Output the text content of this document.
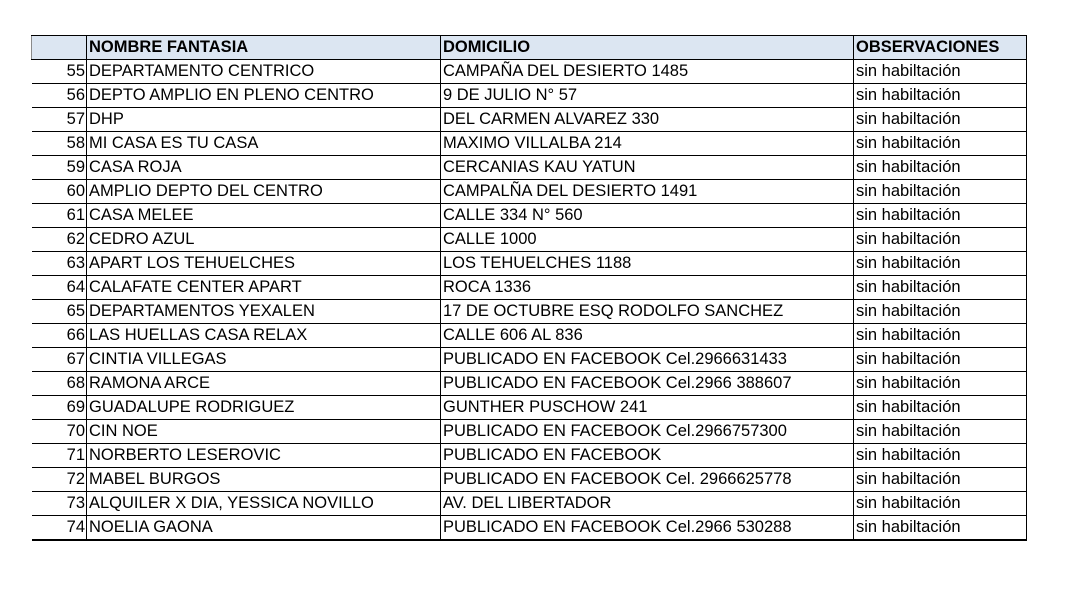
	NOMBRE FANTASIA	DOMICILIO	OBSERVACIONES
55	DEPARTAMENTO CENTRICO	CAMPAÑA DEL DESIERTO 1485	sin habiltación
56	DEPTO AMPLIO EN PLENO CENTRO	9 DE JULIO N° 57	sin habiltación
57	DHP	DEL CARMEN ALVAREZ 330	sin habiltación
58	MI CASA ES TU CASA	MAXIMO VILLALBA 214	sin habiltación
59	CASA ROJA	CERCANIAS KAU YATUN	sin habiltación
60	AMPLIO DEPTO DEL CENTRO	CAMPALÑA DEL DESIERTO 1491	sin habiltación
61	CASA MELEE	CALLE 334 N° 560	sin habiltación
62	CEDRO AZUL	CALLE 1000	sin habiltación
63	APART LOS TEHUELCHES	LOS TEHUELCHES 1188	sin habiltación
64	CALAFATE CENTER APART	ROCA 1336	sin habiltación
65	DEPARTAMENTOS YEXALEN	17 DE OCTUBRE ESQ RODOLFO SANCHEZ	sin habiltación
66	LAS HUELLAS CASA RELAX	CALLE 606 AL 836	sin habiltación
67	CINTIA VILLEGAS	PUBLICADO EN FACEBOOK Cel.2966631433	sin habiltación
68	RAMONA ARCE	PUBLICADO EN FACEBOOK Cel.2966 388607	sin habiltación
69	GUADALUPE RODRIGUEZ	GUNTHER PUSCHOW 241	sin habiltación
70	CIN NOE	PUBLICADO EN FACEBOOK Cel.2966757300	sin habiltación
71	NORBERTO LESEROVIC	PUBLICADO EN FACEBOOK	sin habiltación
72	MABEL BURGOS	PUBLICADO EN FACEBOOK Cel. 2966625778	sin habiltación
73	ALQUILER X DIA, YESSICA NOVILLO	AV. DEL LIBERTADOR	sin habiltación
74	NOELIA GAONA	PUBLICADO EN FACEBOOK Cel.2966 530288	sin habiltación
